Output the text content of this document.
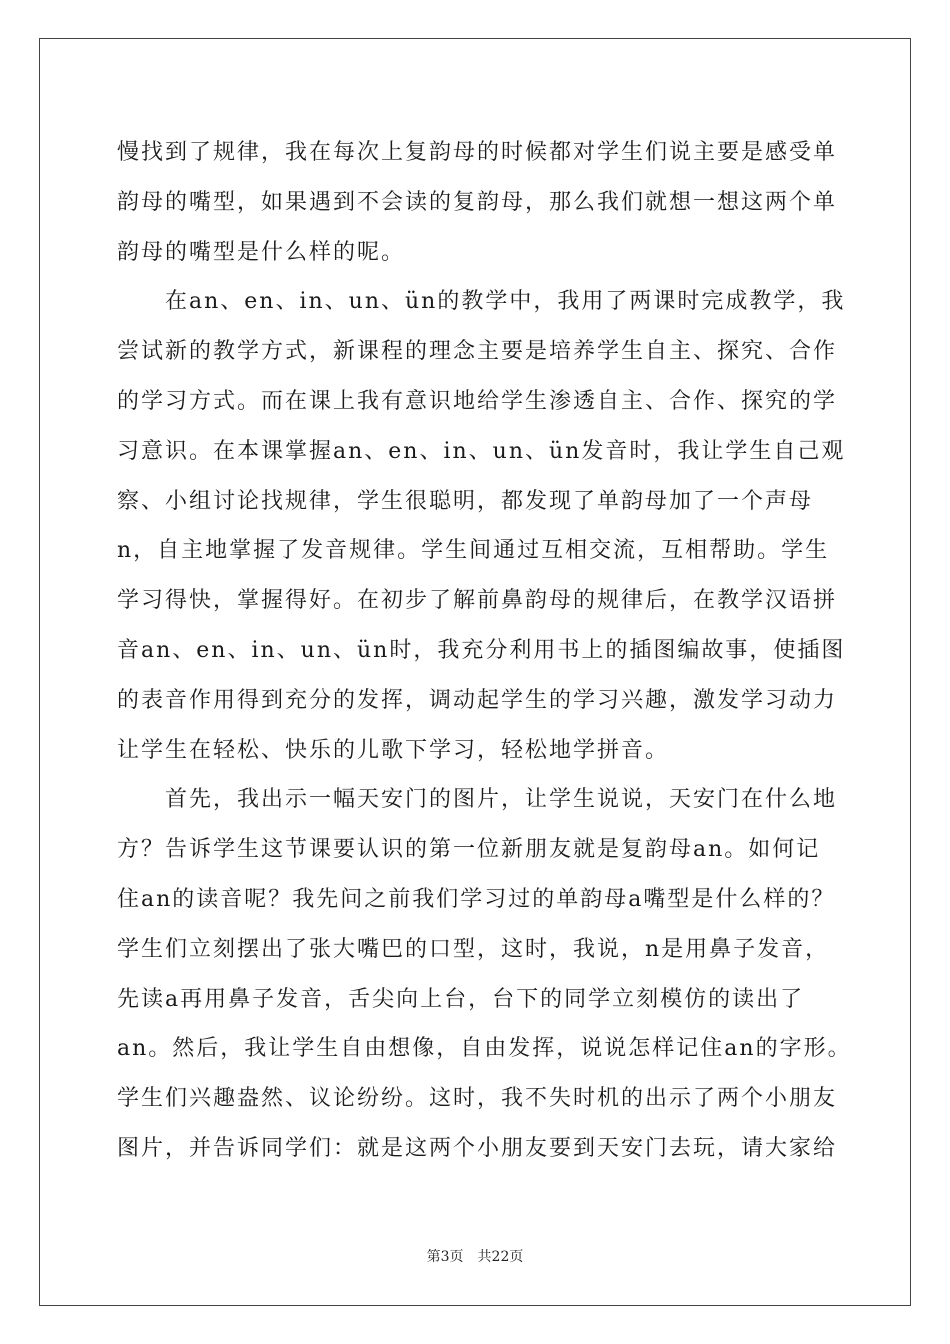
慢找到了规律，我在每次上复韵母的时候都对学生们说主要是感受单
韵母的嘴型，如果遇到不会读的复韵母，那么我们就想一想这两个单
韵母的嘴型是什么样的呢。
在an、en、in、un、ün的教学中，我用了两课时完成教学，我
尝试新的教学方式，新课程的理念主要是培养学生自主、探究、合作
的学习方式。而在课上我有意识地给学生渗透自主、合作、探究的学
习意识。在本课掌握an、en、in、un、ün发音时，我让学生自己观
察、小组讨论找规律，学生很聪明，都发现了单韵母加了一个声母
n，自主地掌握了发音规律。学生间通过互相交流，互相帮助。学生
学习得快，掌握得好。在初步了解前鼻韵母的规律后，在教学汉语拼
音an、en、in、un、ün时，我充分利用书上的插图编故事，使插图
的表音作用得到充分的发挥，调动起学生的学习兴趣，激发学习动力
让学生在轻松、快乐的儿歌下学习，轻松地学拼音。
首先，我出示一幅天安门的图片，让学生说说，天安门在什么地
方？告诉学生这节课要认识的第一位新朋友就是复韵母an。如何记
住an的读音呢？我先问之前我们学习过的单韵母a嘴型是什么样的？
学生们立刻摆出了张大嘴巴的口型，这时，我说，n是用鼻子发音，
先读a再用鼻子发音，舌尖向上台，台下的同学立刻模仿的读出了
an。然后，我让学生自由想像，自由发挥，说说怎样记住an的字形。
学生们兴趣盎然、议论纷纷。这时，我不失时机的出示了两个小朋友
图片，并告诉同学们：就是这两个小朋友要到天安门去玩，请大家给
第3页　共22页
